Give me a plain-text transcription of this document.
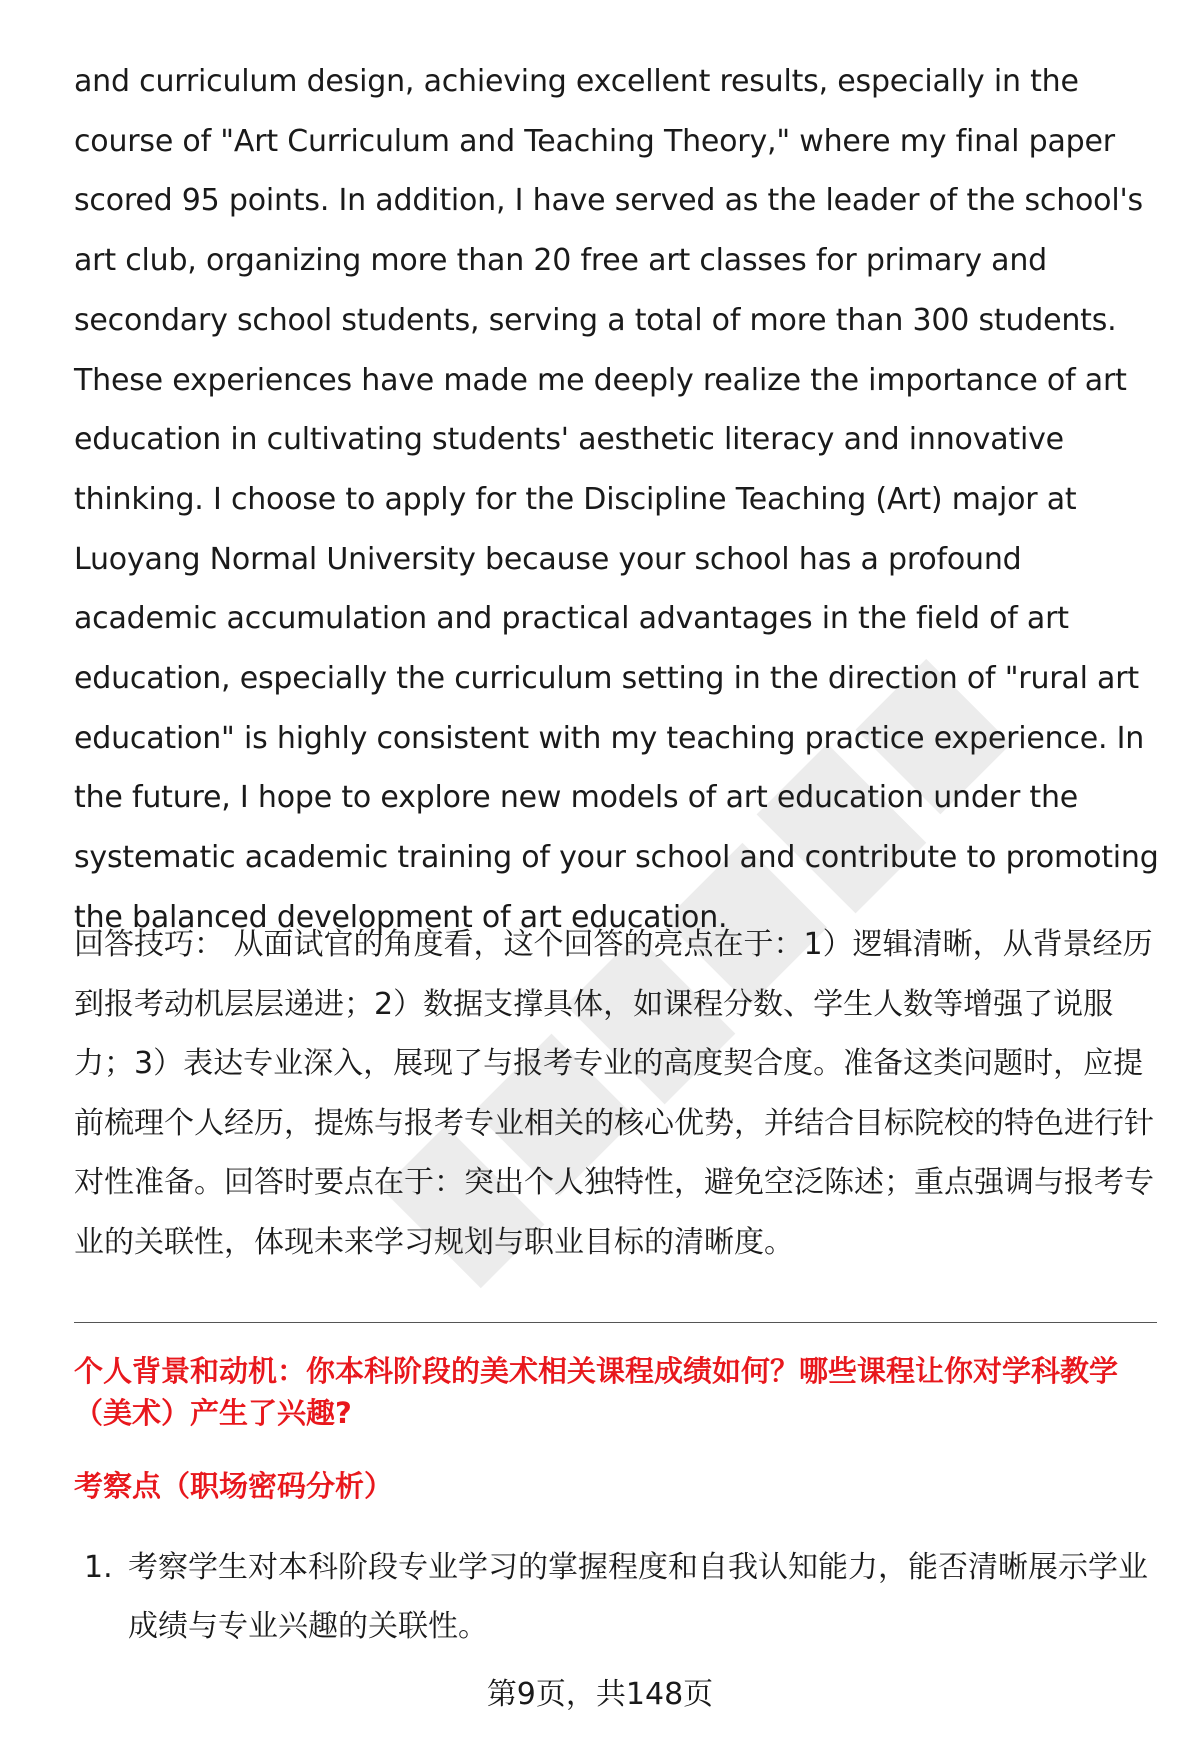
and curriculum design, achieving excellent results, especially in the course of "Art Curriculum and Teaching Theory," where my final paper scored 95 points. In addition, I have served as the leader of the school's art club, organizing more than 20 free art classes for primary and secondary school students, serving a total of more than 300 students. These experiences have made me deeply realize the importance of art education in cultivating students' aesthetic literacy and innovative thinking. I choose to apply for the Discipline Teaching (Art) major at Luoyang Normal University because your school has a profound academic accumulation and practical advantages in the field of art education, especially the curriculum setting in the direction of "rural art education" is highly consistent with my teaching practice experience. In the future, I hope to explore new models of art education under the systematic academic training of your school and contribute to promoting the balanced development of art education.

回答技巧： 从面试官的角度看，这个回答的亮点在于：1）逻辑清晰，从背景经历到报考动机层层递进；2）数据支撑具体，如课程分数、学生人数等增强了说服力；3）表达专业深入，展现了与报考专业的高度契合度。准备这类问题时，应提前梳理个人经历，提炼与报考专业相关的核心优势，并结合目标院校的特色进行针对性准备。回答时要点在于：突出个人独特性，避免空泛陈述；重点强调与报考专业的关联性，体现未来学习规划与职业目标的清晰度。

个人背景和动机：你本科阶段的美术相关课程成绩如何？哪些课程让你对学科教学（美术）产生了兴趣?

考察点（职场密码分析）

1. 考察学生对本科阶段专业学习的掌握程度和自我认知能力，能否清晰展示学业成绩与专业兴趣的关联性。
第9页，共148页
